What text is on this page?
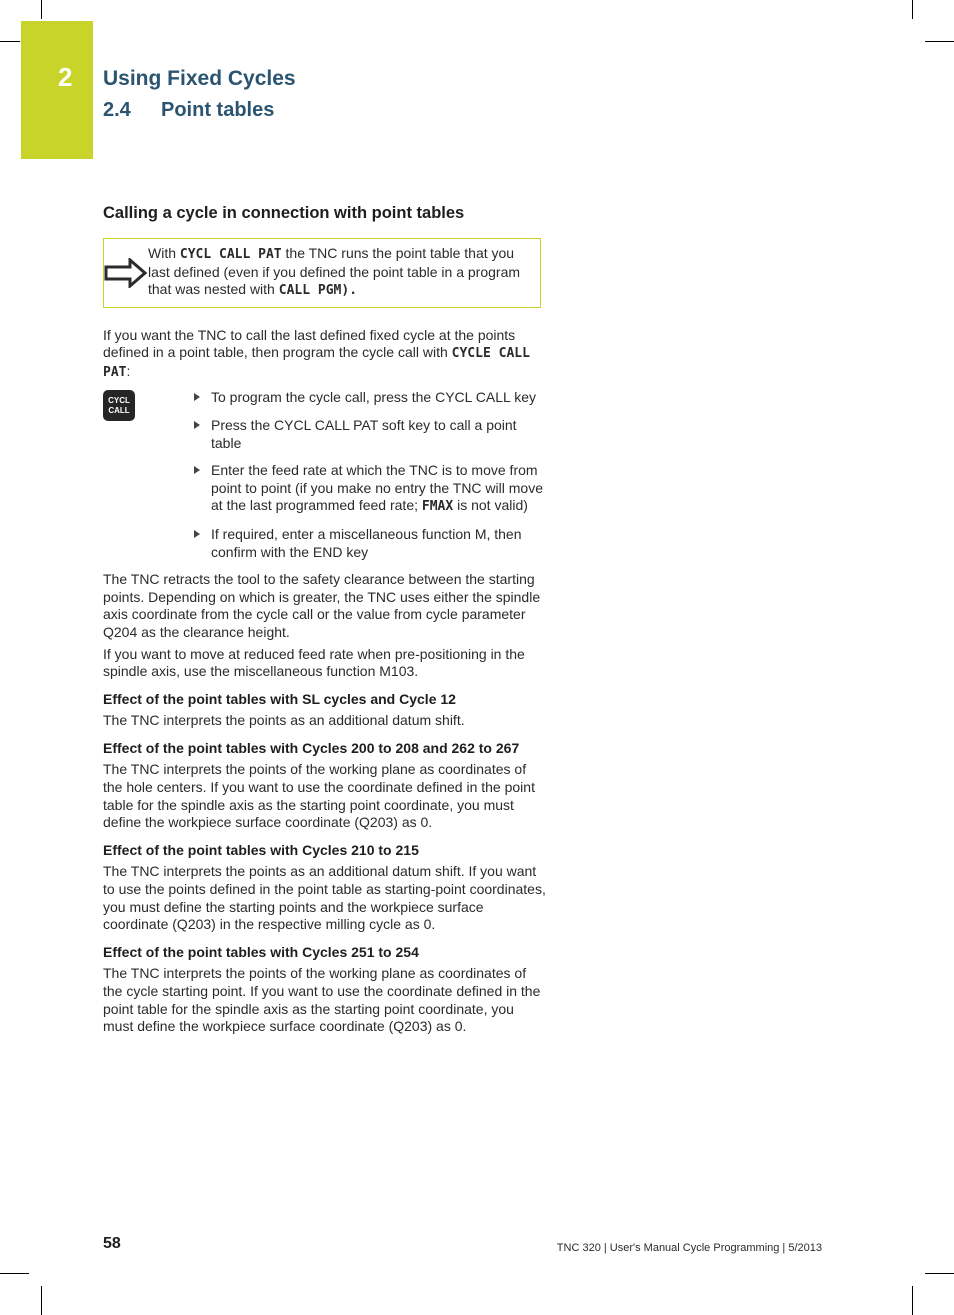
2 Using Fixed Cycles
2.4 Point tables
Calling a cycle in connection with point tables
With CYCL CALL PAT the TNC runs the point table that you last defined (even if you defined the point table in a program that was nested with CALL PGM).

If you want the TNC to call the last defined fixed cycle at the points defined in a point table, then program the cycle call with CYCLE CALL PAT:

CYCL
CALL
To program the cycle call, press the CYCL CALL key
Press the CYCL CALL PAT soft key to call a point table
Enter the feed rate at which the TNC is to move from point to point (if you make no entry the TNC will move at the last programmed feed rate; FMAX is not valid)
If required, enter a miscellaneous function M, then confirm with the END key

The TNC retracts the tool to the safety clearance between the starting points. Depending on which is greater, the TNC uses either the spindle axis coordinate from the cycle call or the value from cycle parameter Q204 as the clearance height.

If you want to move at reduced feed rate when pre-positioning in the spindle axis, use the miscellaneous function M103.

Effect of the point tables with SL cycles and Cycle 12

The TNC interprets the points as an additional datum shift.

Effect of the point tables with Cycles 200 to 208 and 262 to 267

The TNC interprets the points of the working plane as coordinates of the hole centers. If you want to use the coordinate defined in the point table for the spindle axis as the starting point coordinate, you must define the workpiece surface coordinate (Q203) as 0.

Effect of the point tables with Cycles 210 to 215

The TNC interprets the points as an additional datum shift. If you want to use the points defined in the point table as starting-point coordinates, you must define the starting points and the workpiece surface coordinate (Q203) in the respective milling cycle as 0.

Effect of the point tables with Cycles 251 to 254

The TNC interprets the points of the working plane as coordinates of the cycle starting point. If you want to use the coordinate defined in the point table for the spindle axis as the starting point coordinate, you must define the workpiece surface coordinate (Q203) as 0.

58	TNC 320 | User's Manual Cycle Programming | 5/2013
